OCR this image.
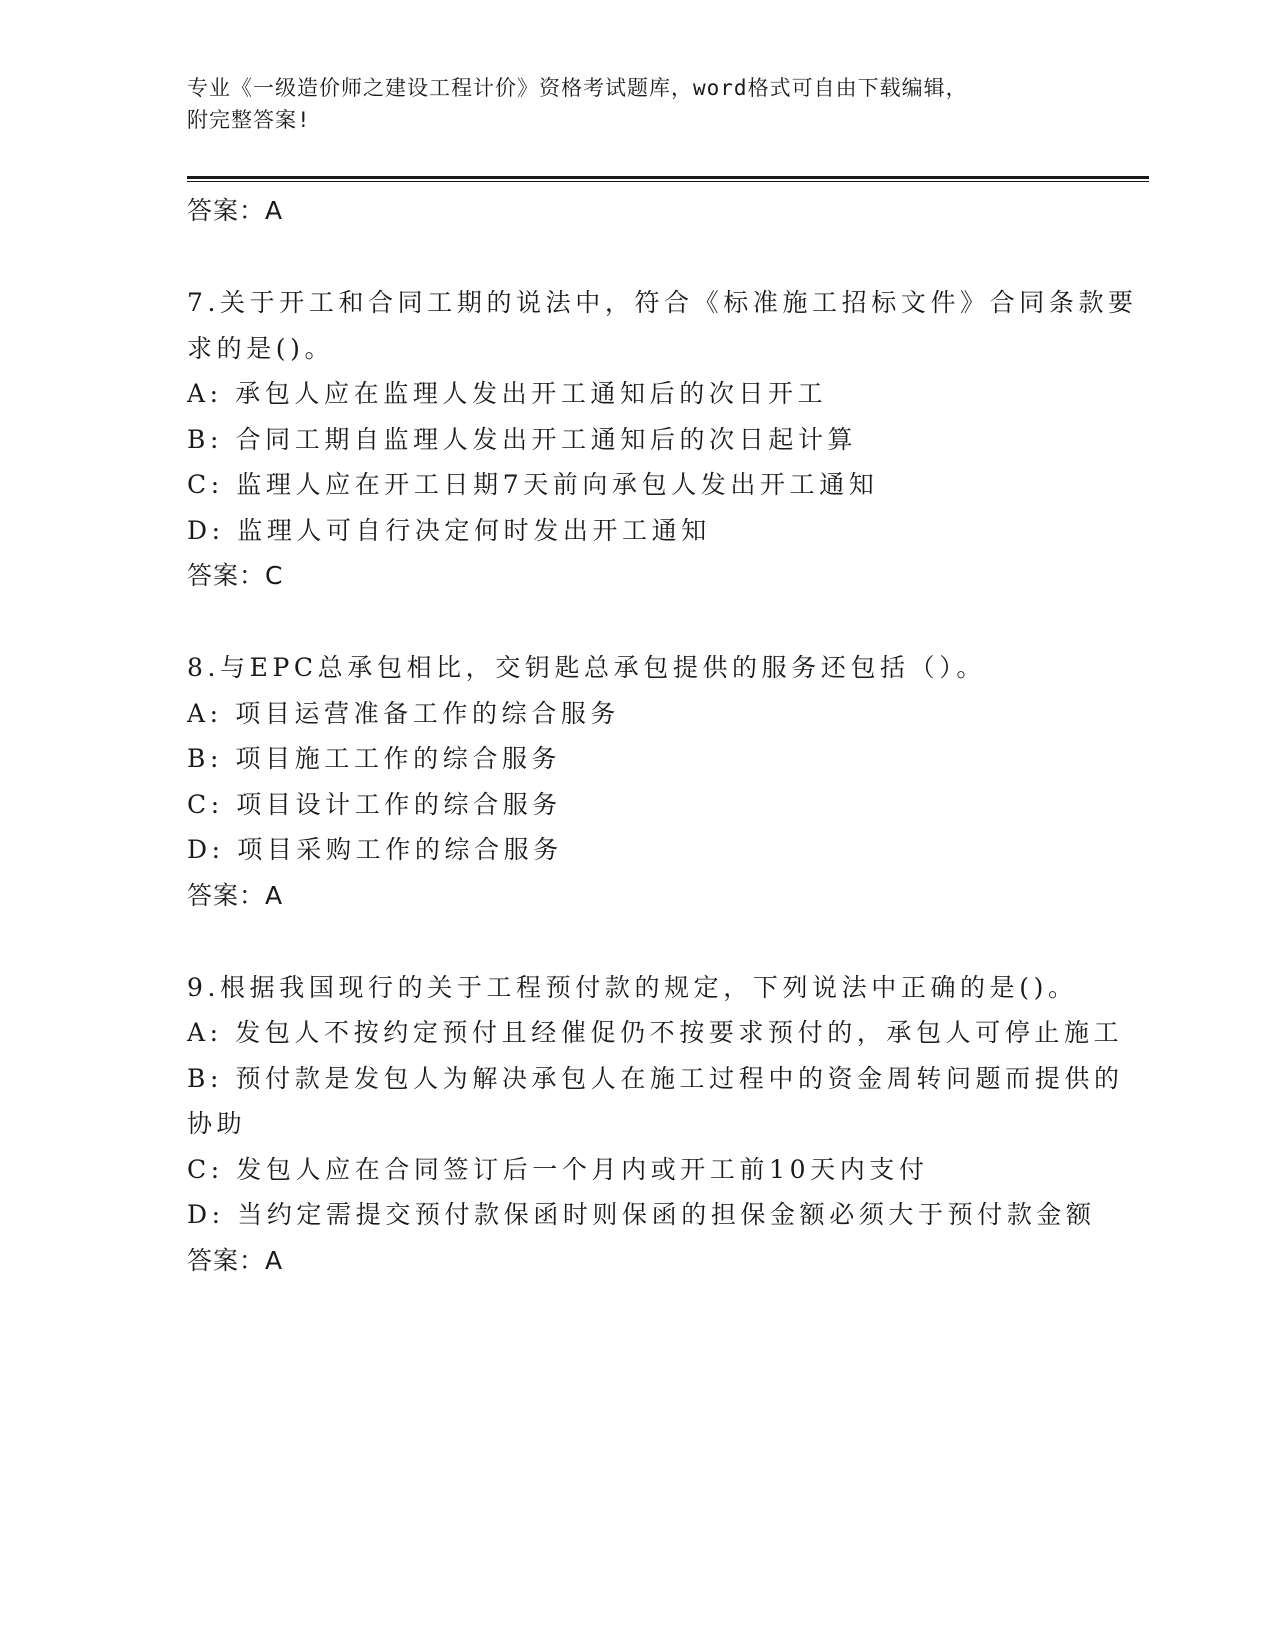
专业《一级造价师之建设工程计价》资格考试题库，word格式可自由下载编辑，

附完整答案!

答案：A

7.关于开工和合同工期的说法中，符合《标准施工招标文件》合同条款要求的是()。

A: 承包人应在监理人发出开工通知后的次日开工

B: 合同工期自监理人发出开工通知后的次日起计算

C: 监理人应在开工日期7天前向承包人发出开工通知

D: 监理人可自行决定何时发出开工通知

答案：C

8.与EPC总承包相比，交钥匙总承包提供的服务还包括（）。

A: 项目运营准备工作的综合服务

B: 项目施工工作的综合服务

C: 项目设计工作的综合服务

D: 项目采购工作的综合服务

答案：A

9.根据我国现行的关于工程预付款的规定，下列说法中正确的是()。

A: 发包人不按约定预付且经催促仍不按要求预付的，承包人可停止施工

B: 预付款是发包人为解决承包人在施工过程中的资金周转问题而提供的协助

C: 发包人应在合同签订后一个月内或开工前10天内支付

D: 当约定需提交预付款保函时则保函的担保金额必须大于预付款金额

答案：A
